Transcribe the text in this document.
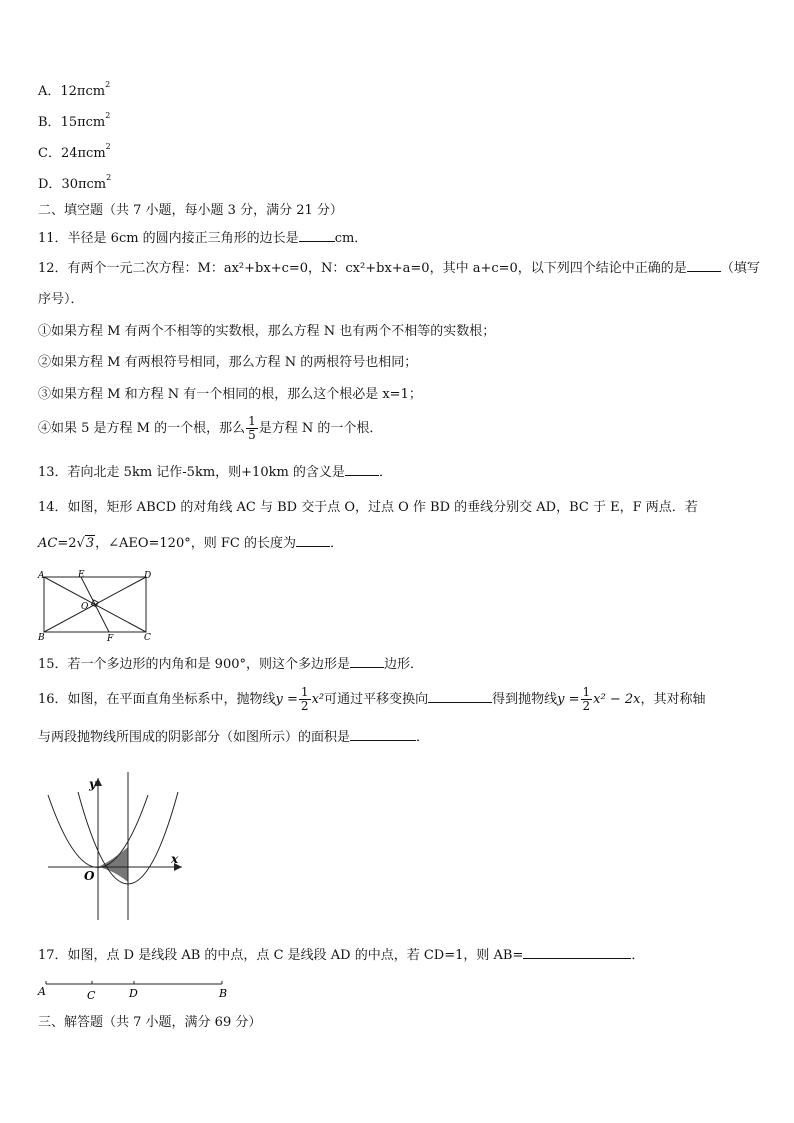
A．12πcm$^2$
B．15πcm$^2$
C．24πcm$^2$
D．30πcm$^2$
二、填空题（共 7 小题，每小题 3 分，满分 21 分）
11．半径是 6cm 的圆内接正三角形的边长是	cm．
12．有两个一元二次方程：M：ax²+bx+c=0，N：cx²+bx+a=0，其中 a+c=0，以下列四个结论中正确的是	（填写
序号）．
①如果方程 M 有两个不相等的实数根，那么方程 N 也有两个不相等的实数根；
②如果方程 M 有两根符号相同，那么方程 N 的两根符号也相同；
③如果方程 M 和方程 N 有一个相同的根，那么这个根必是 x=1；
④如果 5 是方程 M 的一个根，那么 $\frac{1}{5}$ 是方程 N 的一个根．
13．若向北走 5km 记作-5km，则+10km 的含义是	．
14．如图，矩形 ABCD 的对角线 AC 与 BD 交于点 O，过点 O 作 BD 的垂线分别交 AD，BC 于 E，F 两点．若
AC=2√3，∠AEO=120°，则 FC 的长度为	．
A	E	D
O
B	F	C
15．若一个多边形的内角和是 900°，则这个多边形是	边形．
16．如图，在平面直角坐标系中，抛物线$y = \frac{1}{2} x^2$可通过平移变换向	得到抛物线$y = \frac{1}{2} x^2 - 2x$，其对称轴
与两段抛物线所围成的阴影部分（如图所示）的面积是	．
y
x
O
17．如图，点 D 是线段 AB 的中点，点 C 是线段 AD 的中点，若 CD=1，则 AB=	．
A	C	D	B
三、解答题（共 7 小题，满分 69 分）
